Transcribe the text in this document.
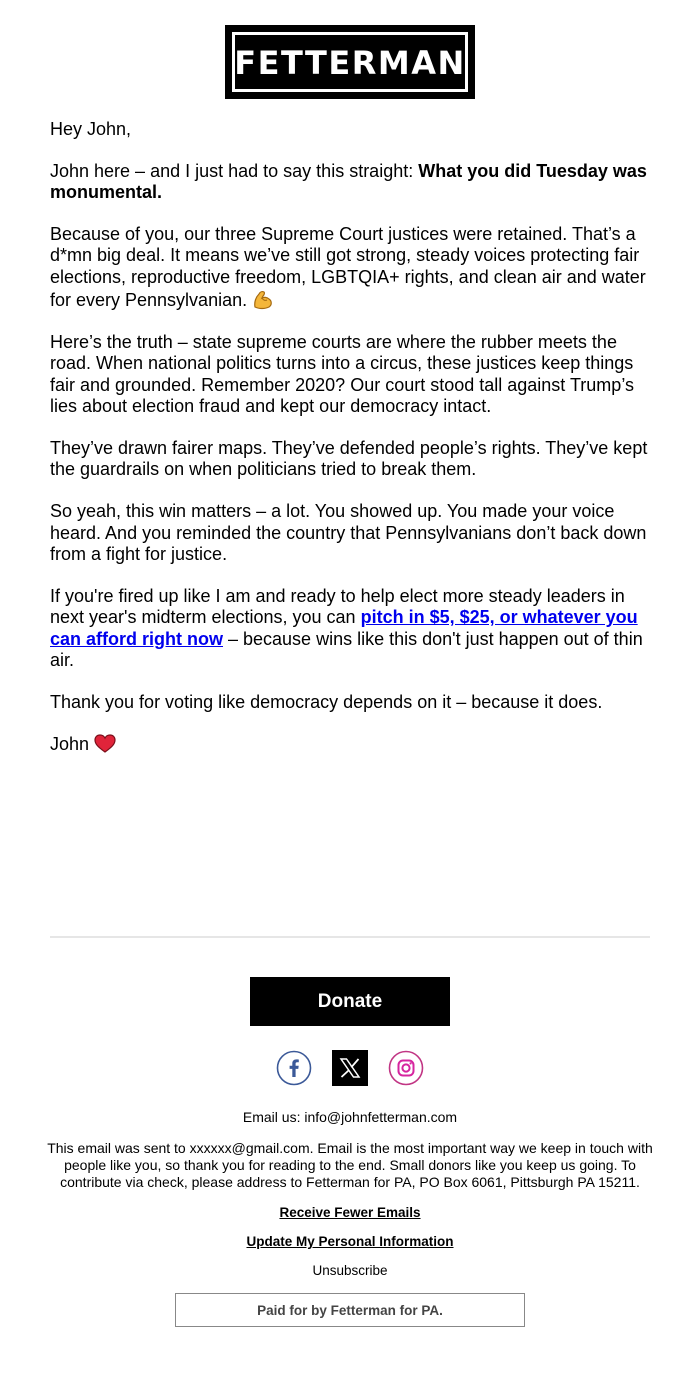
FETTERMAN

Hey John,

John here – and I just had to say this straight: What you did Tuesday was monumental.

Because of you, our three Supreme Court justices were retained. That’s a d*mn big deal. It means we’ve still got strong, steady voices protecting fair elections, reproductive freedom, LGBTQIA+ rights, and clean air and water for every Pennsylvanian.

Here’s the truth – state supreme courts are where the rubber meets the road. When national politics turns into a circus, these justices keep things fair and grounded. Remember 2020? Our court stood tall against Trump’s lies about election fraud and kept our democracy intact.

They’ve drawn fairer maps. They’ve defended people’s rights. They’ve kept the guardrails on when politicians tried to break them.

So yeah, this win matters – a lot. You showed up. You made your voice heard. And you reminded the country that Pennsylvanians don’t back down from a fight for justice.

If you're fired up like I am and ready to help elect more steady leaders in next year's midterm elections, you can pitch in $5, $25, or whatever you can afford right now – because wins like this don't just happen out of thin air.

Thank you for voting like democracy depends on it – because it does.

John

Donate
Email us: info@johnfetterman.com
This email was sent to xxxxxx@gmail.com. Email is the most important way we keep in touch with people like you, so thank you for reading to the end. Small donors like you keep us going. To contribute via check, please address to Fetterman for PA, PO Box 6061, Pittsburgh PA 15211.
Receive Fewer Emails
Update My Personal Information
Unsubscribe
Paid for by Fetterman for PA.
